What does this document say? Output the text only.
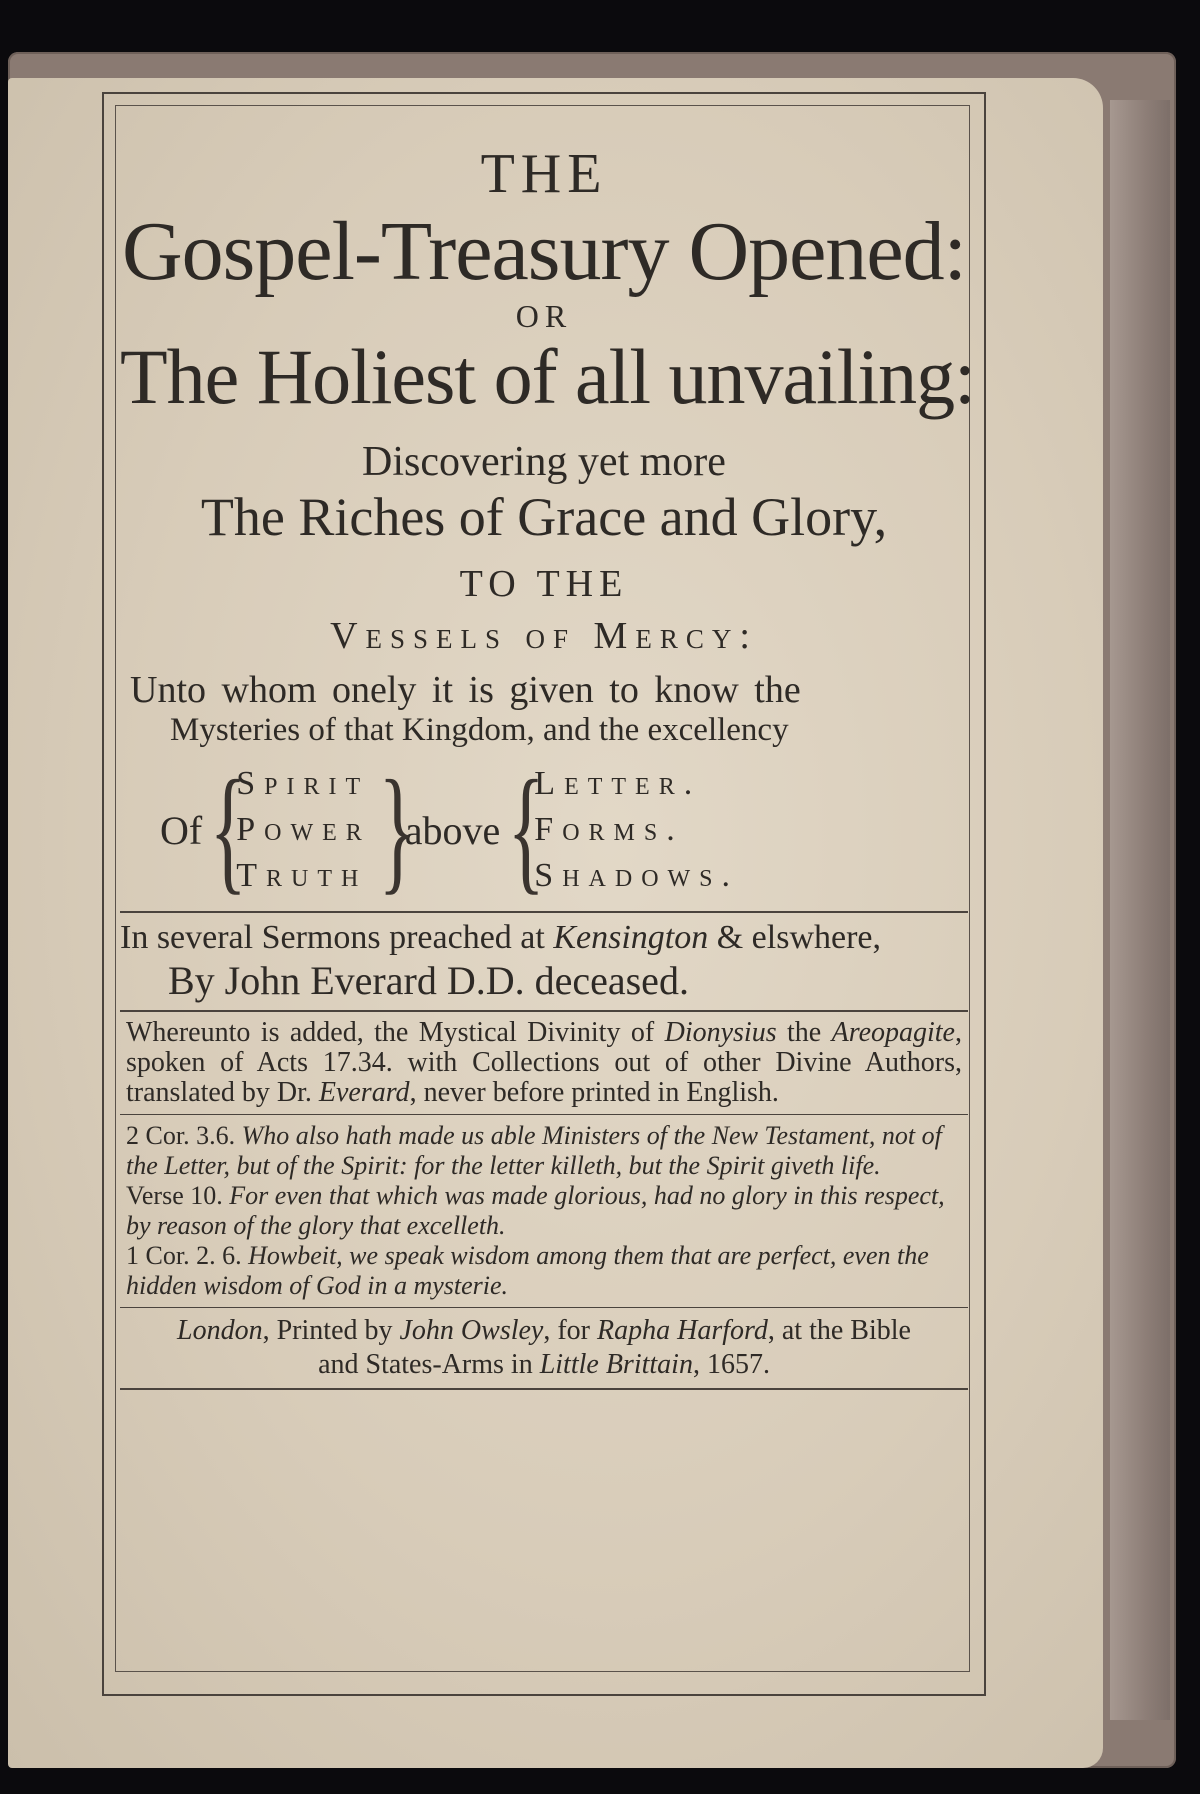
THE
Gospel-Treasury Opened:
OR
The Holiest of all unvailing:
Discovering yet more
The Riches of Grace and Glory,
TO THE
Vessels of Mercy:
Unto whom onely it is given to know the
Mysteries of that Kingdom, and the excellency
Of {
Spirit
Power
Truth }
above {
Letter.
Forms.
Shadows.
In several Sermons preached at Kensington & elswhere,
By John Everard D.D. deceased.
Whereunto is added, the Mystical Divinity of Dionysius the Areopagite, spoken of Acts 17.34. with Collections out of other Divine Authors, translated by Dr. Everard, never before printed in English.
2 Cor. 3.6. Who also hath made us able Ministers of the New Testament, not of the Letter, but of the Spirit: for the letter killeth, but the Spirit giveth life.
Verse 10. For even that which was made glorious, had no glory in this respect, by reason of the glory that excelleth.
1 Cor. 2. 6. Howbeit, we speak wisdom among them that are perfect, even the hidden wisdom of God in a mysterie.
London, Printed by John Owsley, for Rapha Harford, at the Bible
and States-Arms in Little Brittain, 1657.
